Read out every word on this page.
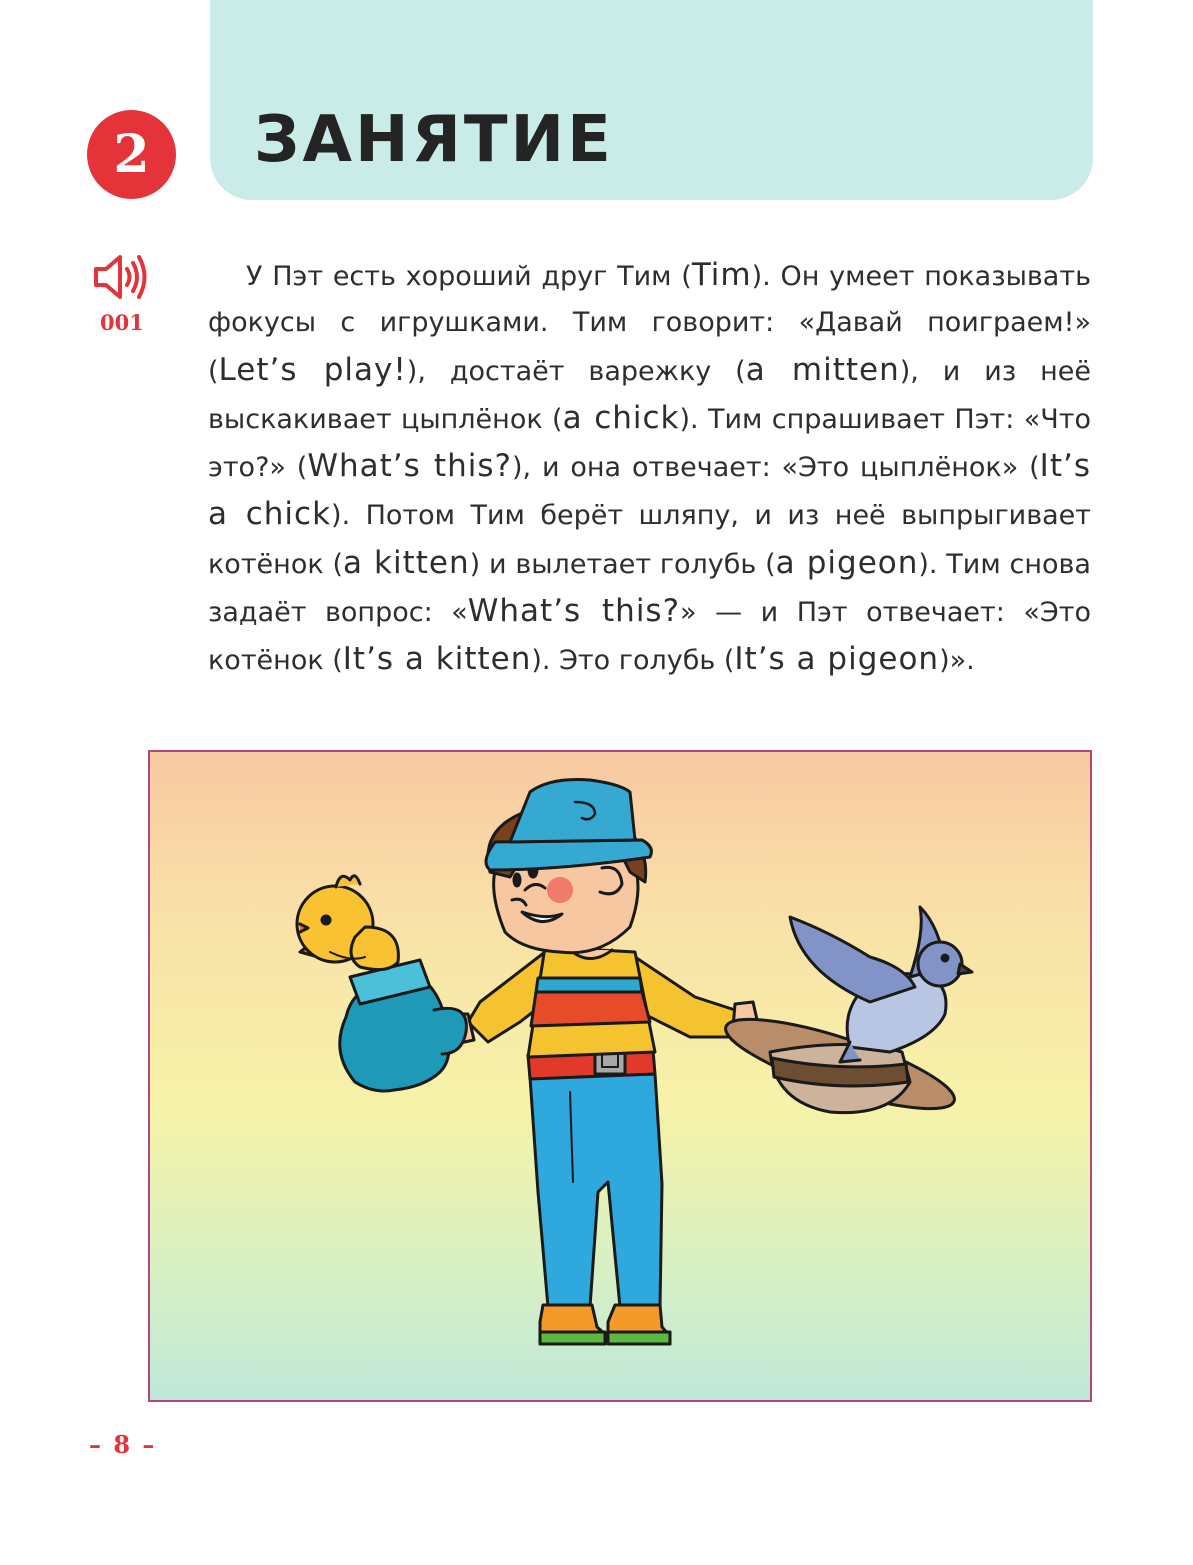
ЗАНЯТИЕ
2
001

У Пэт есть хороший друг Тим (Tim). Он умеет показывать фокусы с игрушками. Тим говорит: «Давай поиграем!» (Let’s play!), достаёт варежку (a mitten), и из неё выскакивает цыплёнок (a chick). Тим спрашивает Пэт: «Что это?» (What’s this?), и она отвечает: «Это цыплёнок» (It’s a chick). Потом Тим берёт шляпу, и из неё выпрыгивает котёнок (a kitten) и вылетает голубь (a pigeon). Тим снова задаёт вопрос: «What’s this?» — и Пэт отвечает: «Это котёнок (It’s a kitten). Это голубь (It’s a pigeon)».

– 8 –
